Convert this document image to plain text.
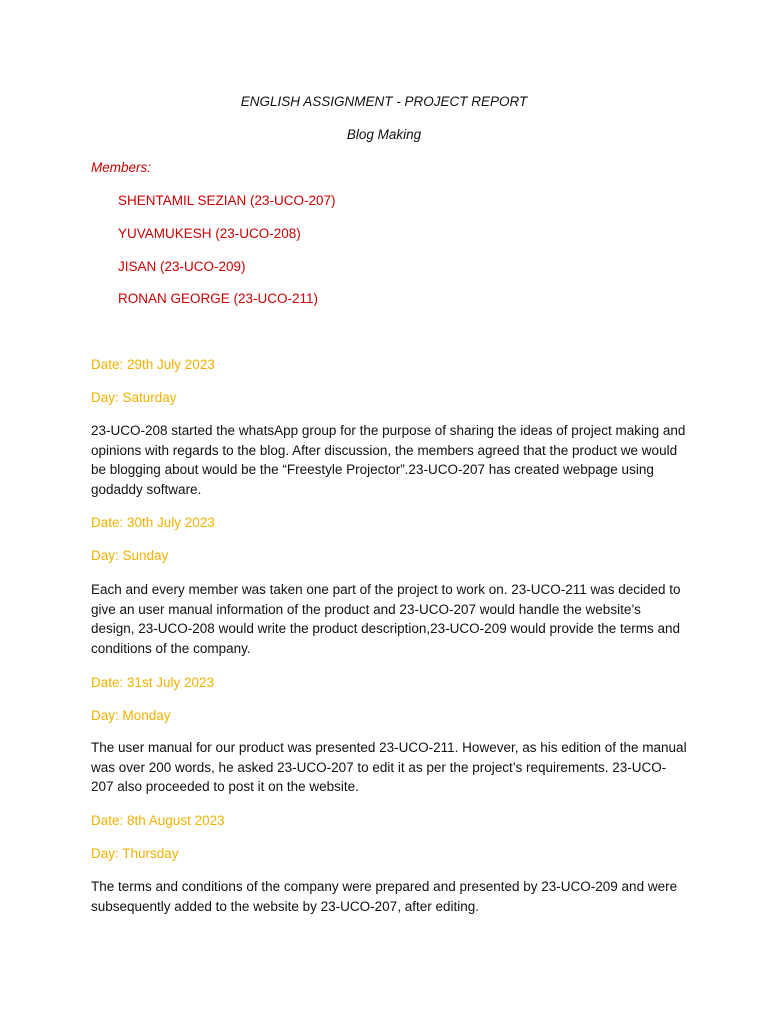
ENGLISH ASSIGNMENT - PROJECT REPORT
Blog Making
Members:
SHENTAMIL SEZIAN (23-UCO-207)
YUVAMUKESH (23-UCO-208)
JISAN (23-UCO-209)
RONAN GEORGE (23-UCO-211)
Date: 29th July 2023
Day: Saturday
23-UCO-208 started the whatsApp group for the purpose of sharing the ideas of project making and opinions with regards to the blog. After discussion, the members agreed that the product we would be blogging about would be the “Freestyle Projector”.23-UCO-207 has created webpage using godaddy software.
Date: 30th July 2023
Day: Sunday
Each and every member was taken one part of the project to work on. 23-UCO-211 was decided to give an user manual information of the product and 23-UCO-207 would handle the website’s design, 23-UCO-208 would write the product description,23-UCO-209 would provide the terms and conditions of the company.
Date: 31st July 2023
Day: Monday
The user manual for our product was presented 23-UCO-211. However, as his edition of the manual was over 200 words, he asked 23-UCO-207 to edit it as per the project’s requirements. 23-UCO-207 also proceeded to post it on the website.
Date: 8th August 2023
Day: Thursday
The terms and conditions of the company were prepared and presented by 23-UCO-209 and were subsequently added to the website by 23-UCO-207, after editing.
